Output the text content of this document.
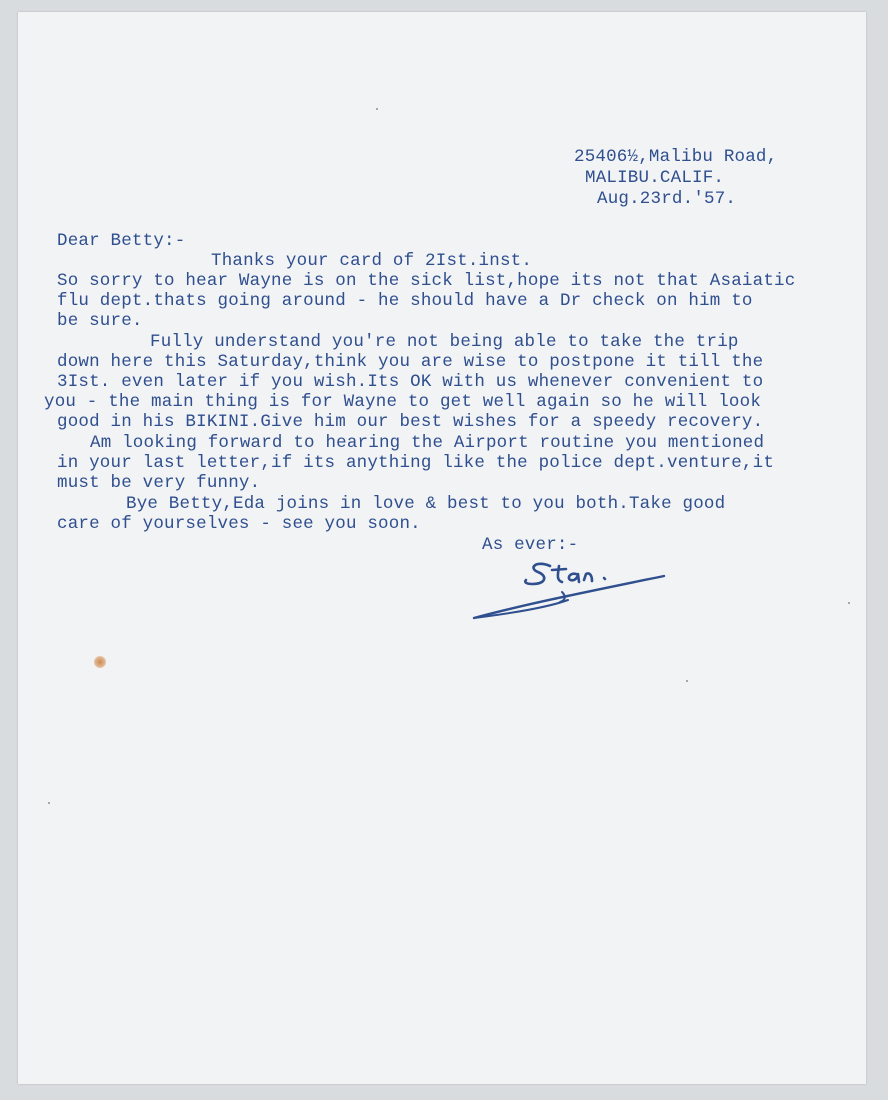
25406½,Malibu Road,
MALIBU.CALIF.
Aug.23rd.'57.
Dear Betty:-
Thanks your card of 2Ist.inst.
So sorry to hear Wayne is on the sick list,hope its not that Asaiatic
flu dept.thats going around - he should have a Dr check on him to
be sure.
Fully understand you're not being able to take the trip
down here this Saturday,think you are wise to postpone it till the
3Ist. even later if you wish.Its OK with us whenever convenient to
you - the main thing is for Wayne to get well again so he will look
good in his BIKINI.Give him our best wishes for a speedy recovery.
Am looking forward to hearing the Airport routine you mentioned
in your last letter,if its anything like the police dept.venture,it
must be very funny.
Bye Betty,Eda joins in love & best to you both.Take good
care of yourselves - see you soon.
As ever:-
